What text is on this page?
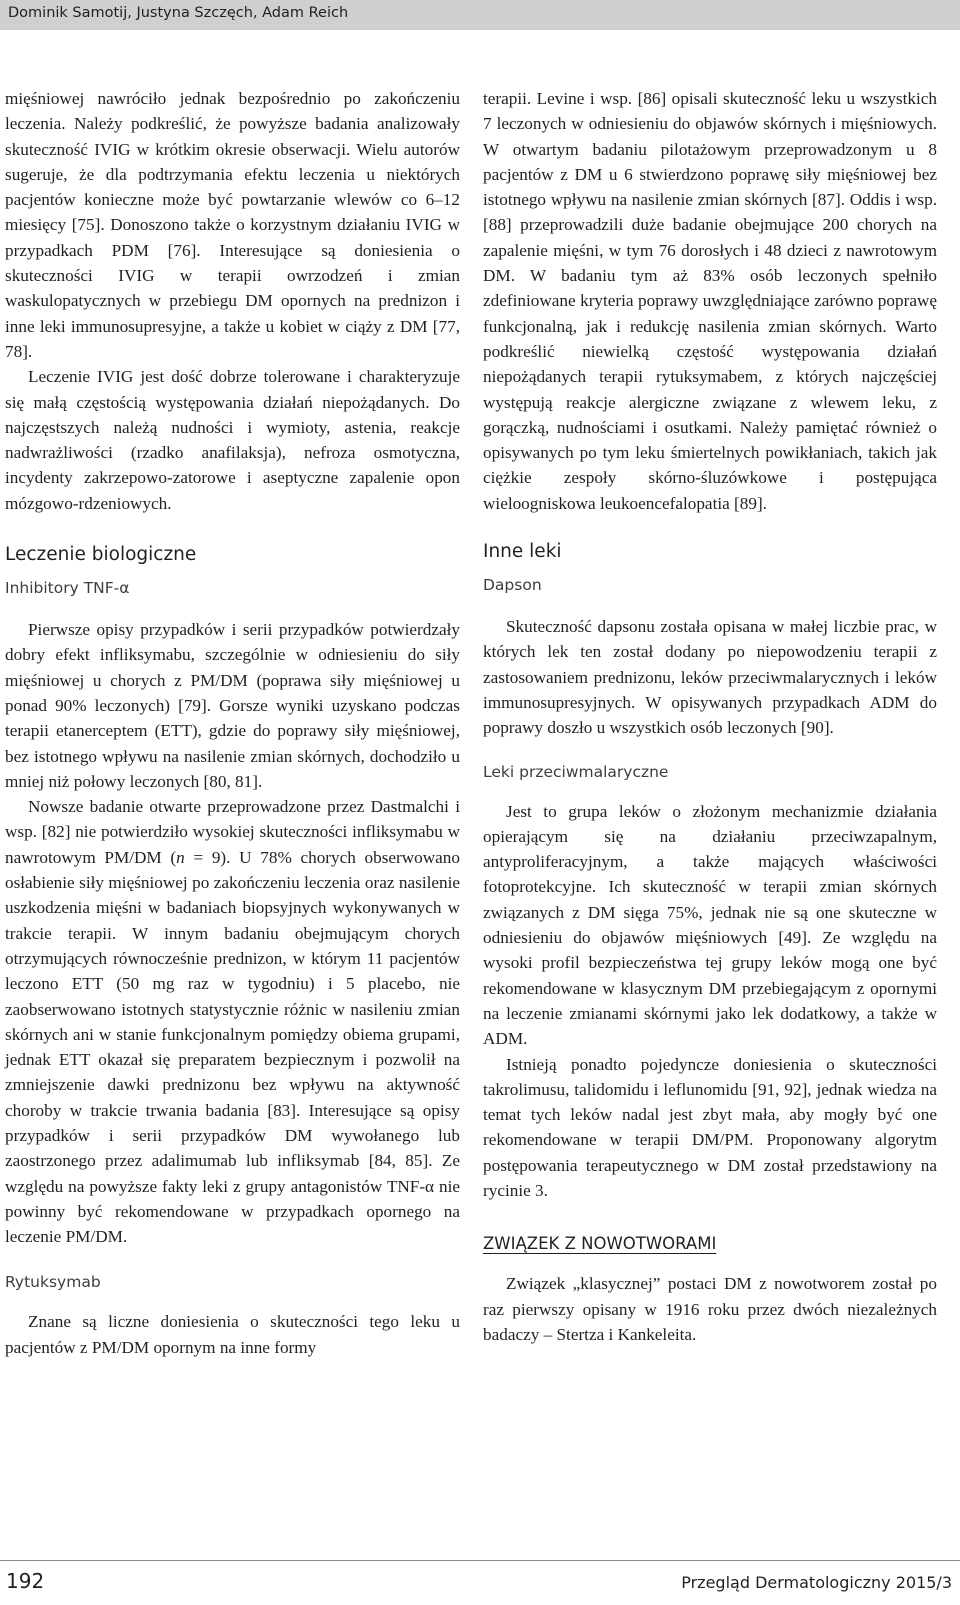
Dominik Samotij, Justyna Szczęch, Adam Reich

mięśniowej nawróciło jednak bezpośrednio po zakończeniu leczenia. Należy podkreślić, że powyższe badania analizowały skuteczność IVIG w krótkim okresie obserwacji. Wielu autorów sugeruje, że dla podtrzymania efektu leczenia u niektórych pacjentów konieczne może być powtarzanie wlewów co 6–12 miesięcy [75]. Donoszono także o korzystnym działaniu IVIG w przypadkach PDM [76]. Interesujące są doniesienia o skuteczności IVIG w terapii owrzodzeń i zmian waskulopatycznych w przebiegu DM opornych na prednizon i inne leki immunosupresyjne, a także u kobiet w ciąży z DM [77, 78].

Leczenie IVIG jest dość dobrze tolerowane i charakteryzuje się małą częstością występowania działań niepożądanych. Do najczęstszych należą nudności i wymioty, astenia, reakcje nadwrażliwości (rzadko anafilaksja), nefroza osmotyczna, incydenty zakrzepowo-zatorowe i aseptyczne zapalenie opon mózgowo-rdzeniowych.

Leczenie biologiczne
Inhibitory TNF-α

Pierwsze opisy przypadków i serii przypadków potwierdzały dobry efekt infliksymabu, szczególnie w odniesieniu do siły mięśniowej u chorych z PM/DM (poprawa siły mięśniowej u ponad 90% leczonych) [79]. Gorsze wyniki uzyskano podczas terapii etanerceptem (ETT), gdzie do poprawy siły mięśniowej, bez istotnego wpływu na nasilenie zmian skórnych, dochodziło u mniej niż połowy leczonych [80, 81].

Nowsze badanie otwarte przeprowadzone przez Dastmalchi i wsp. [82] nie potwierdziło wysokiej skuteczności infliksymabu w nawrotowym PM/DM (n = 9). U 78% chorych obserwowano osłabienie siły mięśniowej po zakończeniu leczenia oraz nasilenie uszkodzenia mięśni w badaniach biopsyjnych wykonywanych w trakcie terapii. W innym badaniu obejmującym chorych otrzymujących równocześnie prednizon, w którym 11 pacjentów leczono ETT (50 mg raz w tygodniu) i 5 placebo, nie zaobserwowano istotnych statystycznie różnic w nasileniu zmian skórnych ani w stanie funkcjonalnym pomiędzy obiema grupami, jednak ETT okazał się preparatem bezpiecznym i pozwolił na zmniejszenie dawki prednizonu bez wpływu na aktywność choroby w trakcie trwania badania [83]. Interesujące są opisy przypadków i serii przypadków DM wywołanego lub zaostrzonego przez adalimumab lub infliksymab [84, 85]. Ze względu na powyższe fakty leki z grupy antagonistów TNF-α nie powinny być rekomendowane w przypadkach opornego na leczenie PM/DM.

Rytuksymab

Znane są liczne doniesienia o skuteczności tego leku u pacjentów z PM/DM opornym na inne formy

terapii. Levine i wsp. [86] opisali skuteczność leku u wszystkich 7 leczonych w odniesieniu do objawów skórnych i mięśniowych. W otwartym badaniu pilotażowym przeprowadzonym u 8 pacjentów z DM u 6 stwierdzono poprawę siły mięśniowej bez istotnego wpływu na nasilenie zmian skórnych [87]. Oddis i wsp. [88] przeprowadzili duże badanie obejmujące 200 chorych na zapalenie mięśni, w tym 76 dorosłych i 48 dzieci z nawrotowym DM. W badaniu tym aż 83% osób leczonych spełniło zdefiniowane kryteria poprawy uwzględniające zarówno poprawę funkcjonalną, jak i redukcję nasilenia zmian skórnych. Warto podkreślić niewielką częstość występowania działań niepożądanych terapii rytuksymabem, z których najczęściej występują reakcje alergiczne związane z wlewem leku, z gorączką, nudnościami i osutkami. Należy pamiętać również o opisywanych po tym leku śmiertelnych powikłaniach, takich jak ciężkie zespoły skórno-śluzówkowe i postępująca wieloogniskowa leukoencefalopatia [89].

Inne leki
Dapson

Skuteczność dapsonu została opisana w małej liczbie prac, w których lek ten został dodany po niepowodzeniu terapii z zastosowaniem prednizonu, leków przeciwmalarycznych i leków immunosupresyjnych. W opisywanych przypadkach ADM do poprawy doszło u wszystkich osób leczonych [90].

Leki przeciwmalaryczne

Jest to grupa leków o złożonym mechanizmie działania opierającym się na działaniu przeciwzapalnym, antyproliferacyjnym, a także mających właściwości fotoprotekcyjne. Ich skuteczność w terapii zmian skórnych związanych z DM sięga 75%, jednak nie są one skuteczne w odniesieniu do objawów mięśniowych [49]. Ze względu na wysoki profil bezpieczeństwa tej grupy leków mogą one być rekomendowane w klasycznym DM przebiegającym z opornymi na leczenie zmianami skórnymi jako lek dodatkowy, a także w ADM.

Istnieją ponadto pojedyncze doniesienia o skuteczności takrolimusu, talidomidu i leflunomidu [91, 92], jednak wiedza na temat tych leków nadal jest zbyt mała, aby mogły być one rekomendowane w terapii DM/PM. Proponowany algorytm postępowania terapeutycznego w DM został przedstawiony na rycinie 3.

ZWIĄZEK Z NOWOTWORAMI

Związek „klasycznej” postaci DM z nowotworem został po raz pierwszy opisany w 1916 roku przez dwóch niezależnych badaczy – Stertza i Kankeleita.

192	Przegląd Dermatologiczny 2015/3
